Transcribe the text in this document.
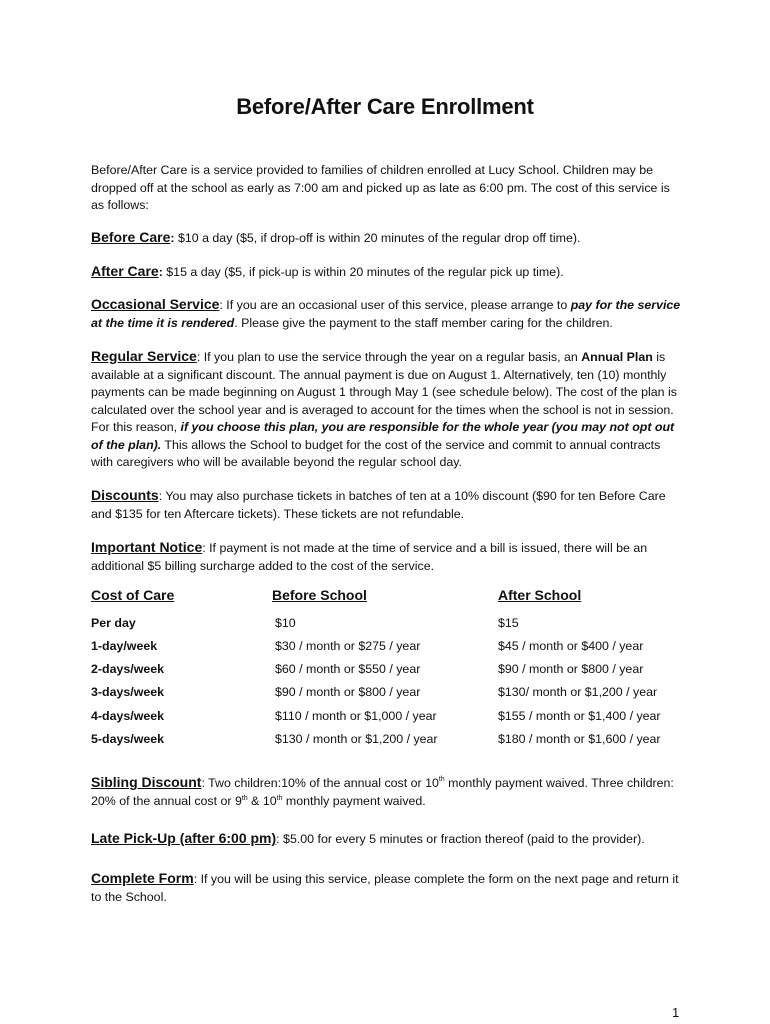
Before/After Care Enrollment
Before/After Care is a service provided to families of children enrolled at Lucy School. Children may be dropped off at the school as early as 7:00 am and picked up as late as 6:00 pm. The cost of this service is as follows:
Before Care: $10 a day ($5, if drop-off is within 20 minutes of the regular drop off time).
After Care: $15 a day ($5, if pick-up is within 20 minutes of the regular pick up time).
Occasional Service: If you are an occasional user of this service, please arrange to pay for the service at the time it is rendered. Please give the payment to the staff member caring for the children.
Regular Service: If you plan to use the service through the year on a regular basis, an Annual Plan is available at a significant discount. The annual payment is due on August 1. Alternatively, ten (10) monthly payments can be made beginning on August 1 through May 1 (see schedule below). The cost of the plan is calculated over the school year and is averaged to account for the times when the school is not in session. For this reason, if you choose this plan, you are responsible for the whole year (you may not opt out of the plan). This allows the School to budget for the cost of the service and commit to annual contracts with caregivers who will be available beyond the regular school day.
Discounts: You may also purchase tickets in batches of ten at a 10% discount ($90 for ten Before Care and $135 for ten Aftercare tickets). These tickets are not refundable.
Important Notice: If payment is not made at the time of service and a bill is issued, there will be an additional $5 billing surcharge added to the cost of the service.
Cost of Care	Before School	After School
Per day	$10	$15
1-day/week	$30 / month or $275 / year	$45 / month or $400 / year
2-days/week	$60 / month or $550 / year	$90 / month or $800 / year
3-days/week	$90 / month or $800 / year	$130/ month or $1,200 / year
4-days/week	$110 / month or $1,000 / year	$155 / month or $1,400 / year
5-days/week	$130 / month or $1,200 / year	$180 / month or $1,600 / year
Sibling Discount: Two children:10% of the annual cost or 10th monthly payment waived. Three children: 20% of the annual cost or 9th & 10th monthly payment waived.
Late Pick-Up (after 6:00 pm): $5.00 for every 5 minutes or fraction thereof (paid to the provider).
Complete Form: If you will be using this service, please complete the form on the next page and return it to the School.
1
